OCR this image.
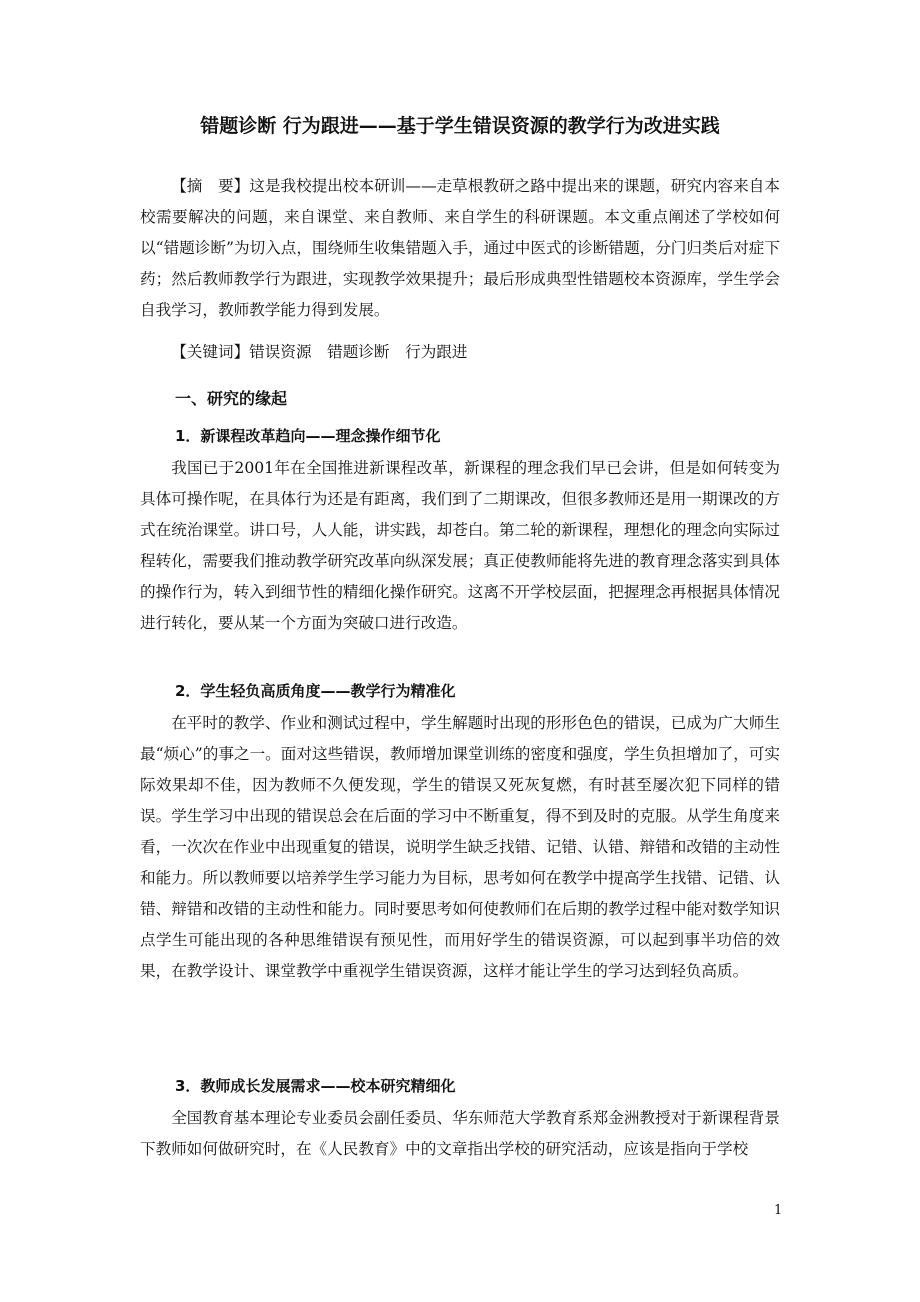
错题诊断 行为跟进——基于学生错误资源的教学行为改进实践

【摘　要】这是我校提出校本研训——走草根教研之路中提出来的课题，研究内容来自本校需要解决的问题，来自课堂、来自教师、来自学生的科研课题。本文重点阐述了学校如何以“错题诊断”为切入点，围绕师生收集错题入手，通过中医式的诊断错题，分门归类后对症下药；然后教师教学行为跟进，实现教学效果提升；最后形成典型性错题校本资源库，学生学会自我学习，教师教学能力得到发展。

【关键词】错误资源　错题诊断　行为跟进

一、研究的缘起
1．新课程改革趋向——理念操作细节化

我国已于2001年在全国推进新课程改革，新课程的理念我们早已会讲，但是如何转变为具体可操作呢，在具体行为还是有距离，我们到了二期课改，但很多教师还是用一期课改的方式在统治课堂。讲口号，人人能，讲实践，却苍白。第二轮的新课程，理想化的理念向实际过程转化，需要我们推动教学研究改革向纵深发展；真正使教师能将先进的教育理念落实到具体的操作行为，转入到细节性的精细化操作研究。这离不开学校层面，把握理念再根据具体情况进行转化，要从某一个方面为突破口进行改造。

2．学生轻负高质角度——教学行为精准化

在平时的教学、作业和测试过程中，学生解题时出现的形形色色的错误，已成为广大师生最“烦心”的事之一。面对这些错误，教师增加课堂训练的密度和强度，学生负担增加了，可实际效果却不佳，因为教师不久便发现，学生的错误又死灰复燃，有时甚至屡次犯下同样的错误。学生学习中出现的错误总会在后面的学习中不断重复，得不到及时的克服。从学生角度来看，一次次在作业中出现重复的错误，说明学生缺乏找错、记错、认错、辩错和改错的主动性和能力。所以教师要以培养学生学习能力为目标，思考如何在教学中提高学生找错、记错、认错、辩错和改错的主动性和能力。同时要思考如何使教师们在后期的教学过程中能对数学知识点学生可能出现的各种思维错误有预见性，而用好学生的错误资源，可以起到事半功倍的效果，在教学设计、课堂教学中重视学生错误资源，这样才能让学生的学习达到轻负高质。

3．教师成长发展需求——校本研究精细化

全国教育基本理论专业委员会副任委员、华东师范大学教育系郑金洲教授对于新课程背景下教师如何做研究时，在《人民教育》中的文章指出学校的研究活动，应该是指向于学校

1
